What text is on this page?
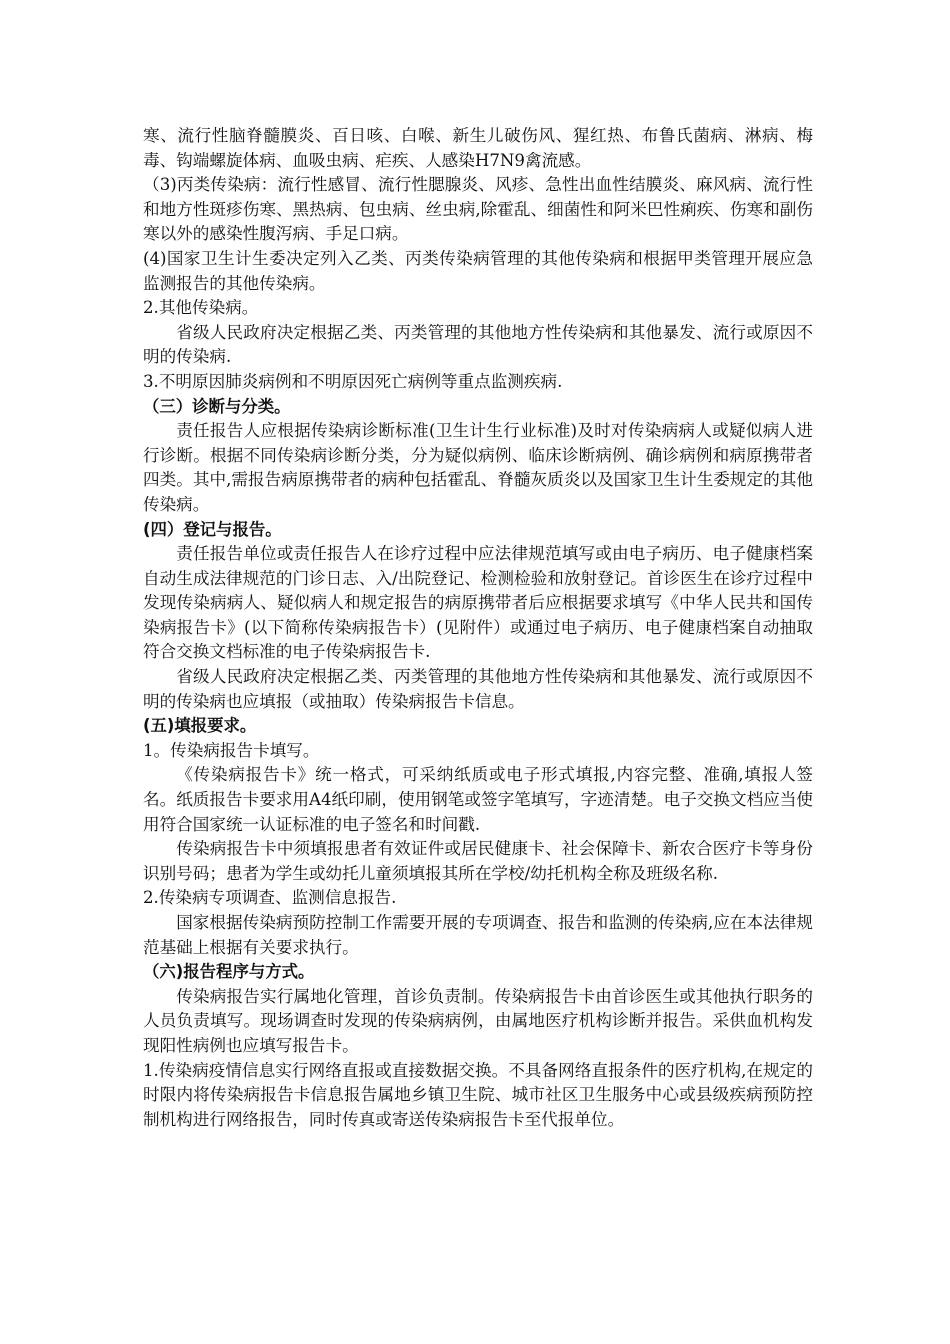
寒、流行性脑脊髓膜炎、百日咳、白喉、新生儿破伤风、猩红热、布鲁氏菌病、淋病、梅毒、钩端螺旋体病、血吸虫病、疟疾、人感染H7N9禽流感。

（3)丙类传染病：流行性感冒、流行性腮腺炎、风疹、急性出血性结膜炎、麻风病、流行性和地方性斑疹伤寒、黑热病、包虫病、丝虫病,除霍乱、细菌性和阿米巴性痢疾、伤寒和副伤寒以外的感染性腹泻病、手足口病。

(4)国家卫生计生委决定列入乙类、丙类传染病管理的其他传染病和根据甲类管理开展应急监测报告的其他传染病。

2.其他传染病。

省级人民政府决定根据乙类、丙类管理的其他地方性传染病和其他暴发、流行或原因不明的传染病.

3.不明原因肺炎病例和不明原因死亡病例等重点监测疾病.

（三）诊断与分类。

责任报告人应根据传染病诊断标准(卫生计生行业标准)及时对传染病病人或疑似病人进行诊断。根据不同传染病诊断分类，分为疑似病例、临床诊断病例、确诊病例和病原携带者四类。其中,需报告病原携带者的病种包括霍乱、脊髓灰质炎以及国家卫生计生委规定的其他传染病。

(四）登记与报告。

责任报告单位或责任报告人在诊疗过程中应法律规范填写或由电子病历、电子健康档案自动生成法律规范的门诊日志、入/出院登记、检测检验和放射登记。首诊医生在诊疗过程中发现传染病病人、疑似病人和规定报告的病原携带者后应根据要求填写《中华人民共和国传染病报告卡》(以下简称传染病报告卡）(见附件）或通过电子病历、电子健康档案自动抽取符合交换文档标准的电子传染病报告卡.

省级人民政府决定根据乙类、丙类管理的其他地方性传染病和其他暴发、流行或原因不明的传染病也应填报（或抽取）传染病报告卡信息。

(五)填报要求。

1。传染病报告卡填写。

《传染病报告卡》统一格式，可采纳纸质或电子形式填报,内容完整、准确,填报人签名。纸质报告卡要求用A4纸印刷，使用钢笔或签字笔填写，字迹清楚。电子交换文档应当使用符合国家统一认证标准的电子签名和时间戳.

传染病报告卡中须填报患者有效证件或居民健康卡、社会保障卡、新农合医疗卡等身份识别号码；患者为学生或幼托儿童须填报其所在学校/幼托机构全称及班级名称.

2.传染病专项调查、监测信息报告.

国家根据传染病预防控制工作需要开展的专项调查、报告和监测的传染病,应在本法律规范基础上根据有关要求执行。

（六)报告程序与方式。

传染病报告实行属地化管理，首诊负责制。传染病报告卡由首诊医生或其他执行职务的人员负责填写。现场调查时发现的传染病病例，由属地医疗机构诊断并报告。采供血机构发现阳性病例也应填写报告卡。

1.传染病疫情信息实行网络直报或直接数据交换。不具备网络直报条件的医疗机构,在规定的时限内将传染病报告卡信息报告属地乡镇卫生院、城市社区卫生服务中心或县级疾病预防控制机构进行网络报告，同时传真或寄送传染病报告卡至代报单位。
